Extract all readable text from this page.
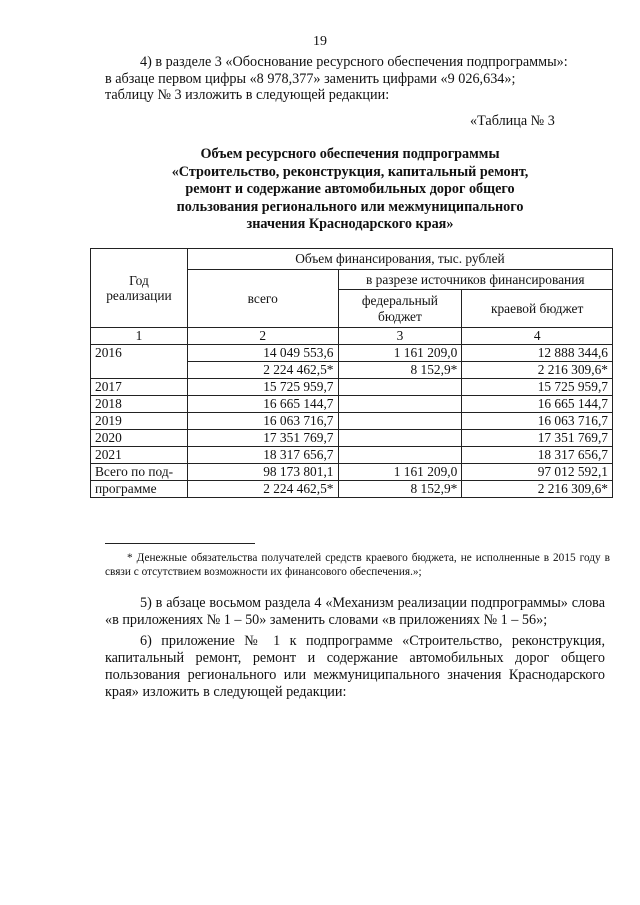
19

4) в разделе 3 «Обоснование ресурсного обеспечения подпрограммы»:

в абзаце первом цифры «8 978,377» заменить цифрами «9 026,634»;

таблицу № 3 изложить в следующей редакции:

«Таблица № 3
Объем ресурсного обеспечения подпрограммы
«Строительство, реконструкция, капитальный ремонт,
ремонт и содержание автомобильных дорог общего
пользования регионального или межмуниципального
значения Краснодарского края»
Год реализации	Объем финансирования, тыс. рублей		
	всего	в разрезе источников финансирования	
		федеральный бюджет	краевой бюджет
1	2	3	4
2016	14 049 553,6	1 161 209,0	12 888 344,6
	2 224 462,5*	8 152,9*	2 216 309,6*
2017	15 725 959,7		15 725 959,7
2018	16 665 144,7		16 665 144,7
2019	16 063 716,7		16 063 716,7
2020	17 351 769,7		17 351 769,7
2021	18 317 656,7		18 317 656,7
Всего по под-	98 173 801,1	1 161 209,0	97 012 592,1
программе	2 224 462,5*	8 152,9*	2 216 309,6*
* Денежные обязательства получателей средств краевого бюджета, не исполненные в 2015 году в связи с отсутствием возможности их финансового обеспечения.»;
5) в абзаце восьмом раздела 4 «Механизм реализации подпрограммы» слова «в приложениях № 1 – 50» заменить словами «в приложениях № 1 – 56»;
6) приложение № 1 к подпрограмме «Строительство, реконструкция, капитальный ремонт, ремонт и содержание автомобильных дорог общего пользования регионального или межмуниципального значения Краснодарского края» изложить в следующей редакции:
